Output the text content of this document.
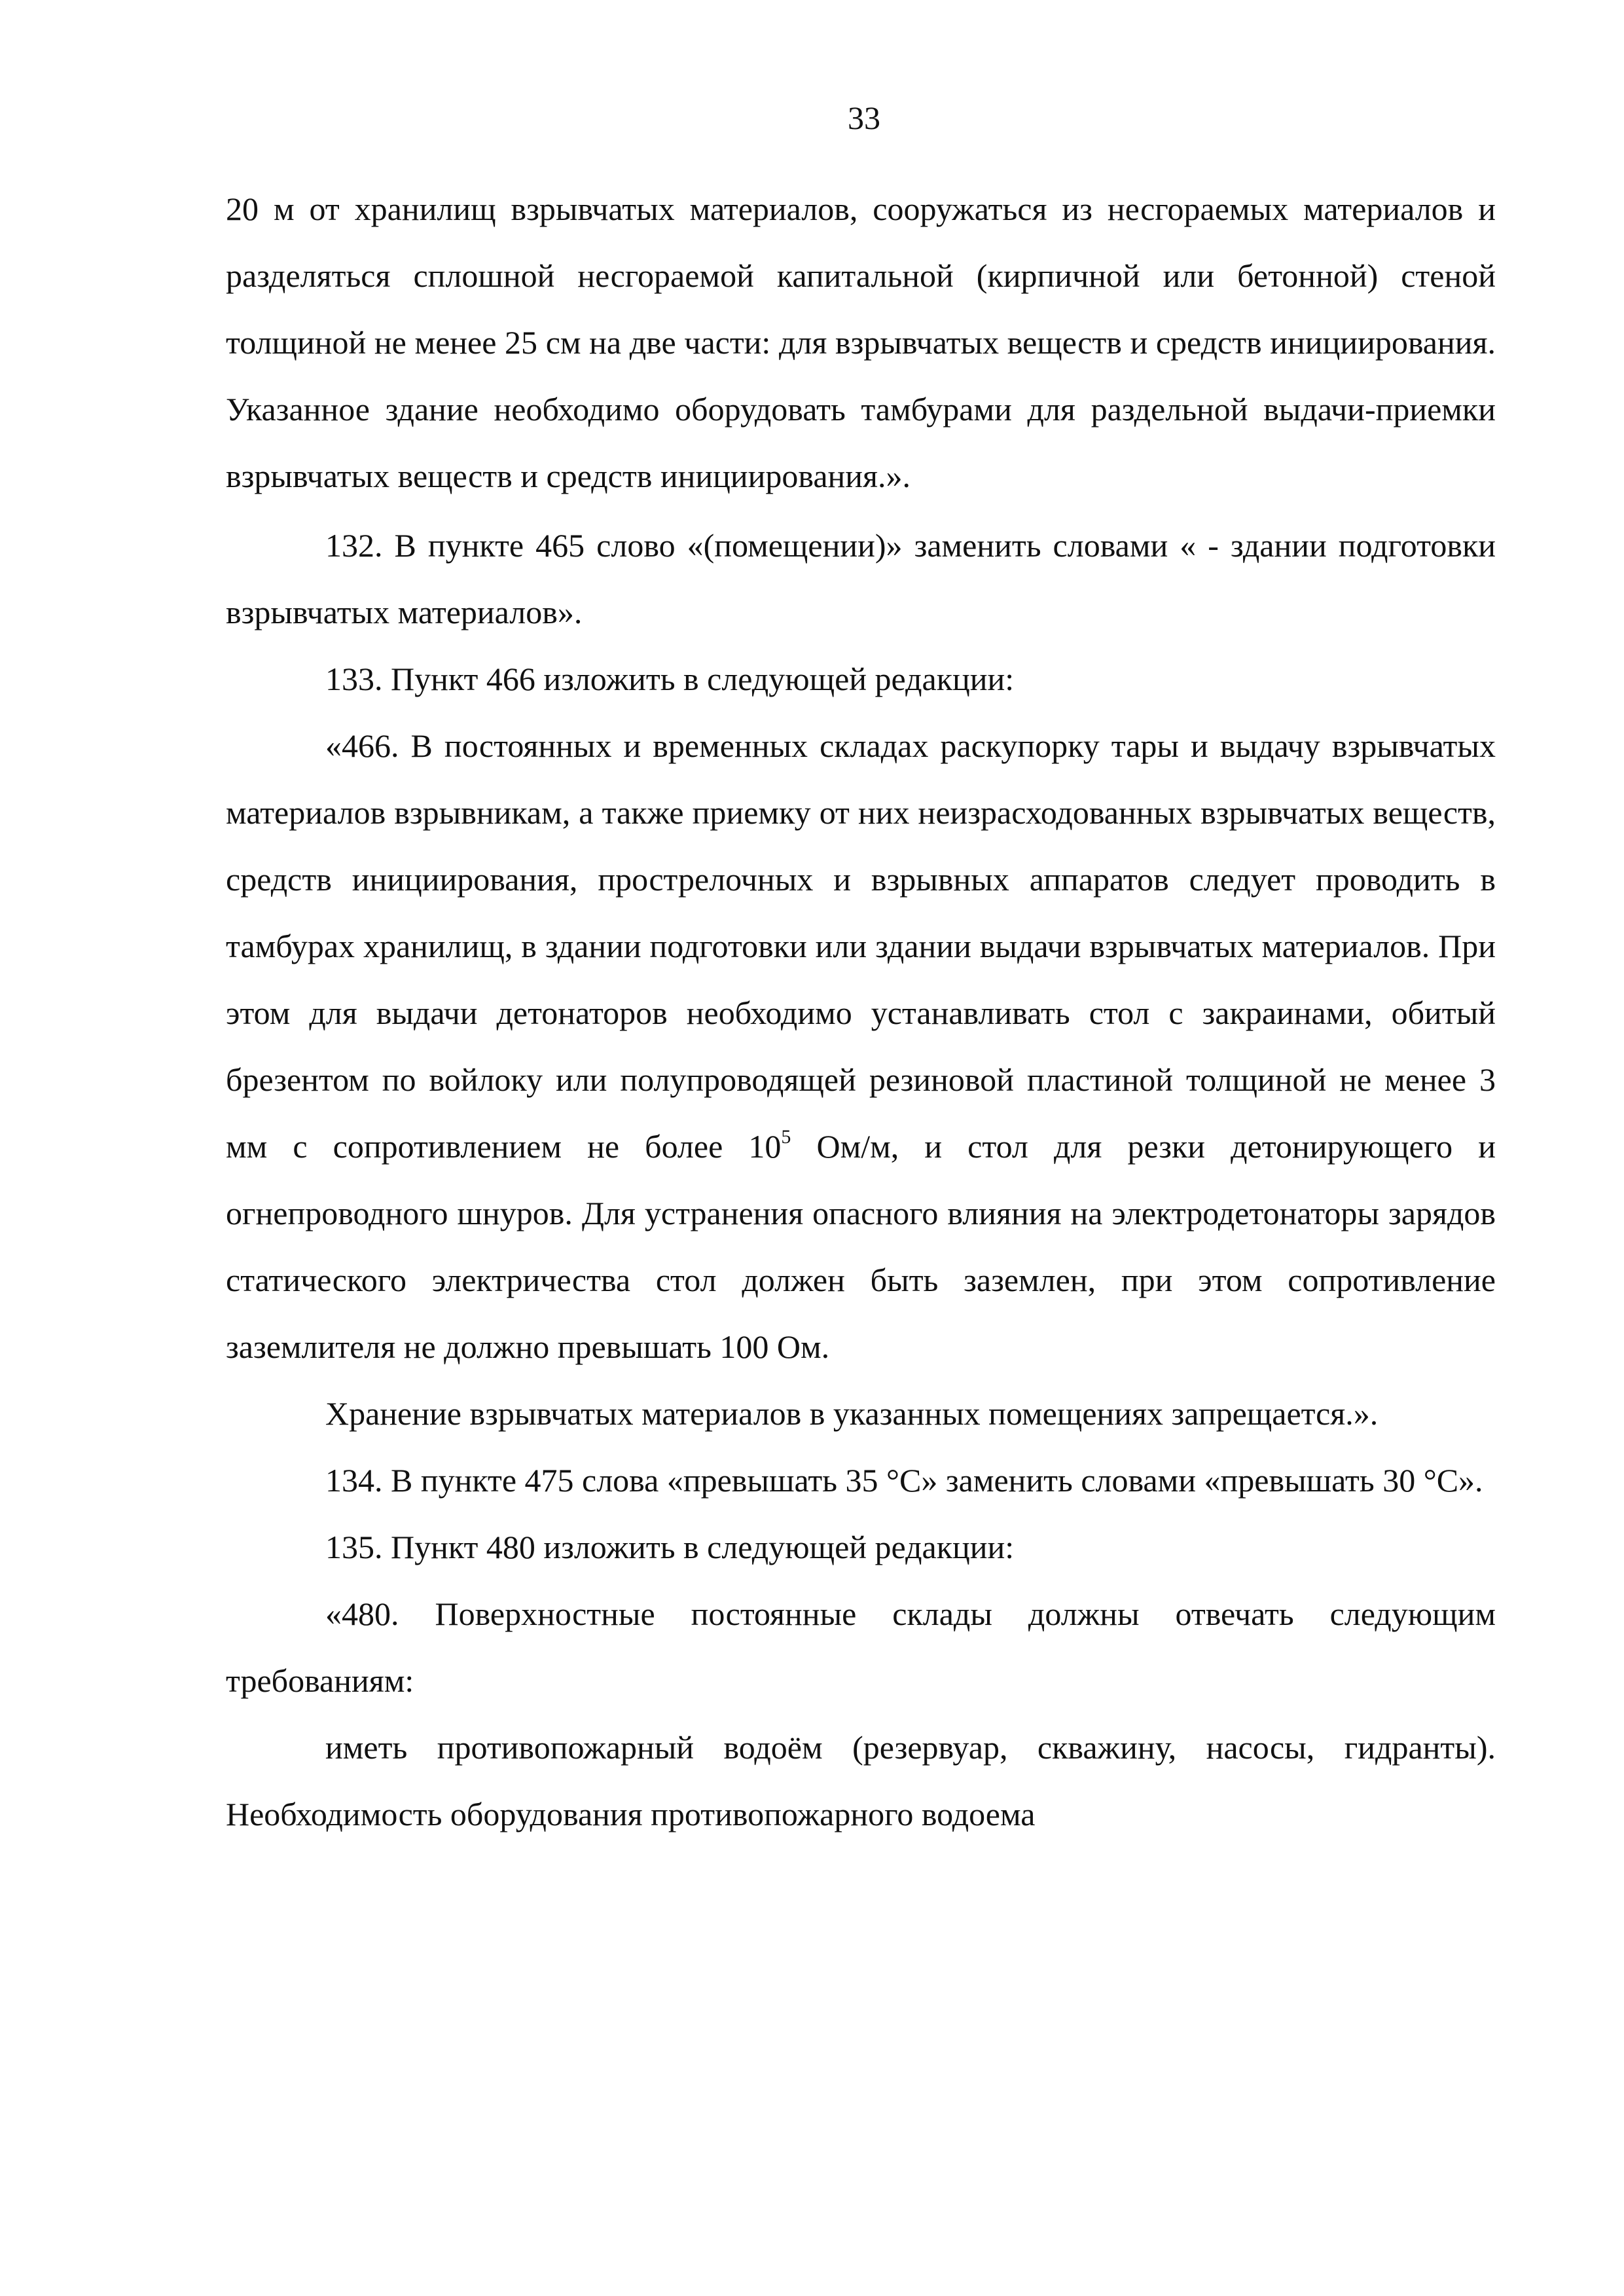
33

20 м от хранилищ взрывчатых материалов, сооружаться из несгораемых материалов и разделяться сплошной несгораемой капитальной (кирпичной или бетонной) стеной толщиной не менее 25 см на две части: для взрывчатых веществ и средств инициирования. Указанное здание необходимо оборудовать тамбурами для раздельной выдачи-приемки взрывчатых веществ и средств инициирования.».

132. В пункте 465 слово «(помещении)» заменить словами « - здании подготовки взрывчатых материалов».

133. Пункт 466 изложить в следующей редакции:

«466. В постоянных и временных складах раскупорку тары и выдачу взрывчатых материалов взрывникам, а также приемку от них неизрасходованных взрывчатых веществ, средств инициирования, прострелочных и взрывных аппаратов следует проводить в тамбурах хранилищ, в здании подготовки или здании выдачи взрывчатых материалов. При этом для выдачи детонаторов необходимо устанавливать стол с закраинами, обитый брезентом по войлоку или полупроводящей резиновой пластиной толщиной не менее 3 мм с сопротивлением не более $10^5$ Ом/м, и стол для резки детонирующего и огнепроводного шнуров. Для устранения опасного влияния на электродетонаторы зарядов статического электричества стол должен быть заземлен, при этом сопротивление заземлителя не должно превышать 100 Ом.

Хранение взрывчатых материалов в указанных помещениях запрещается.».

134. В пункте 475 слова «превышать 35 °С» заменить словами «превышать 30 °С».

135. Пункт 480 изложить в следующей редакции:

«480. Поверхностные постоянные склады должны отвечать следующим требованиям:

иметь противопожарный водоём (резервуар, скважину, насосы, гидранты). Необходимость оборудования противопожарного водоема
